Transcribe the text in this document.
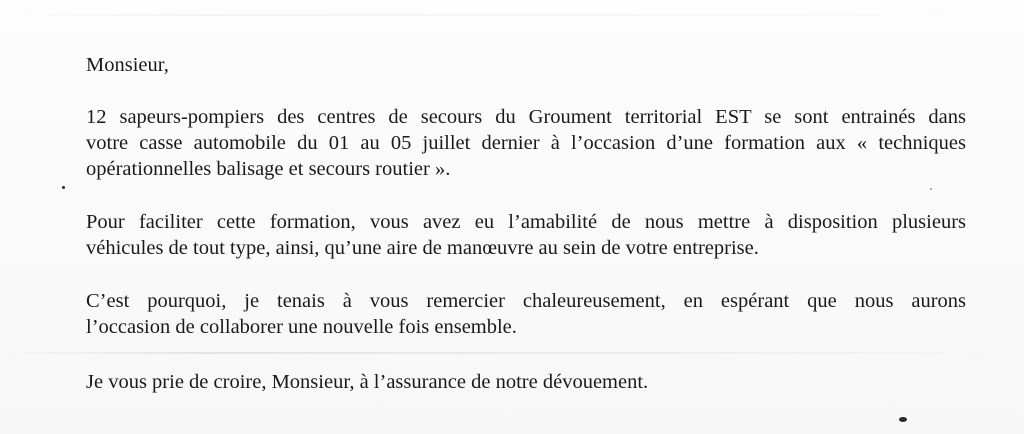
Monsieur,
12 sapeurs-pompiers des centres de secours du Groument territorial EST se sont entrainés dans
votre casse automobile du 01 au 05 juillet dernier à l’occasion d’une formation aux « techniques
opérationnelles balisage et secours routier ».
Pour faciliter cette formation, vous avez eu l’amabilité de nous mettre à disposition plusieurs
véhicules de tout type, ainsi, qu’une aire de manœuvre au sein de votre entreprise.
C’est pourquoi, je tenais à vous remercier chaleureusement, en espérant que nous aurons
l’occasion de collaborer une nouvelle fois ensemble.
Je vous prie de croire, Monsieur, à l’assurance de notre dévouement.
